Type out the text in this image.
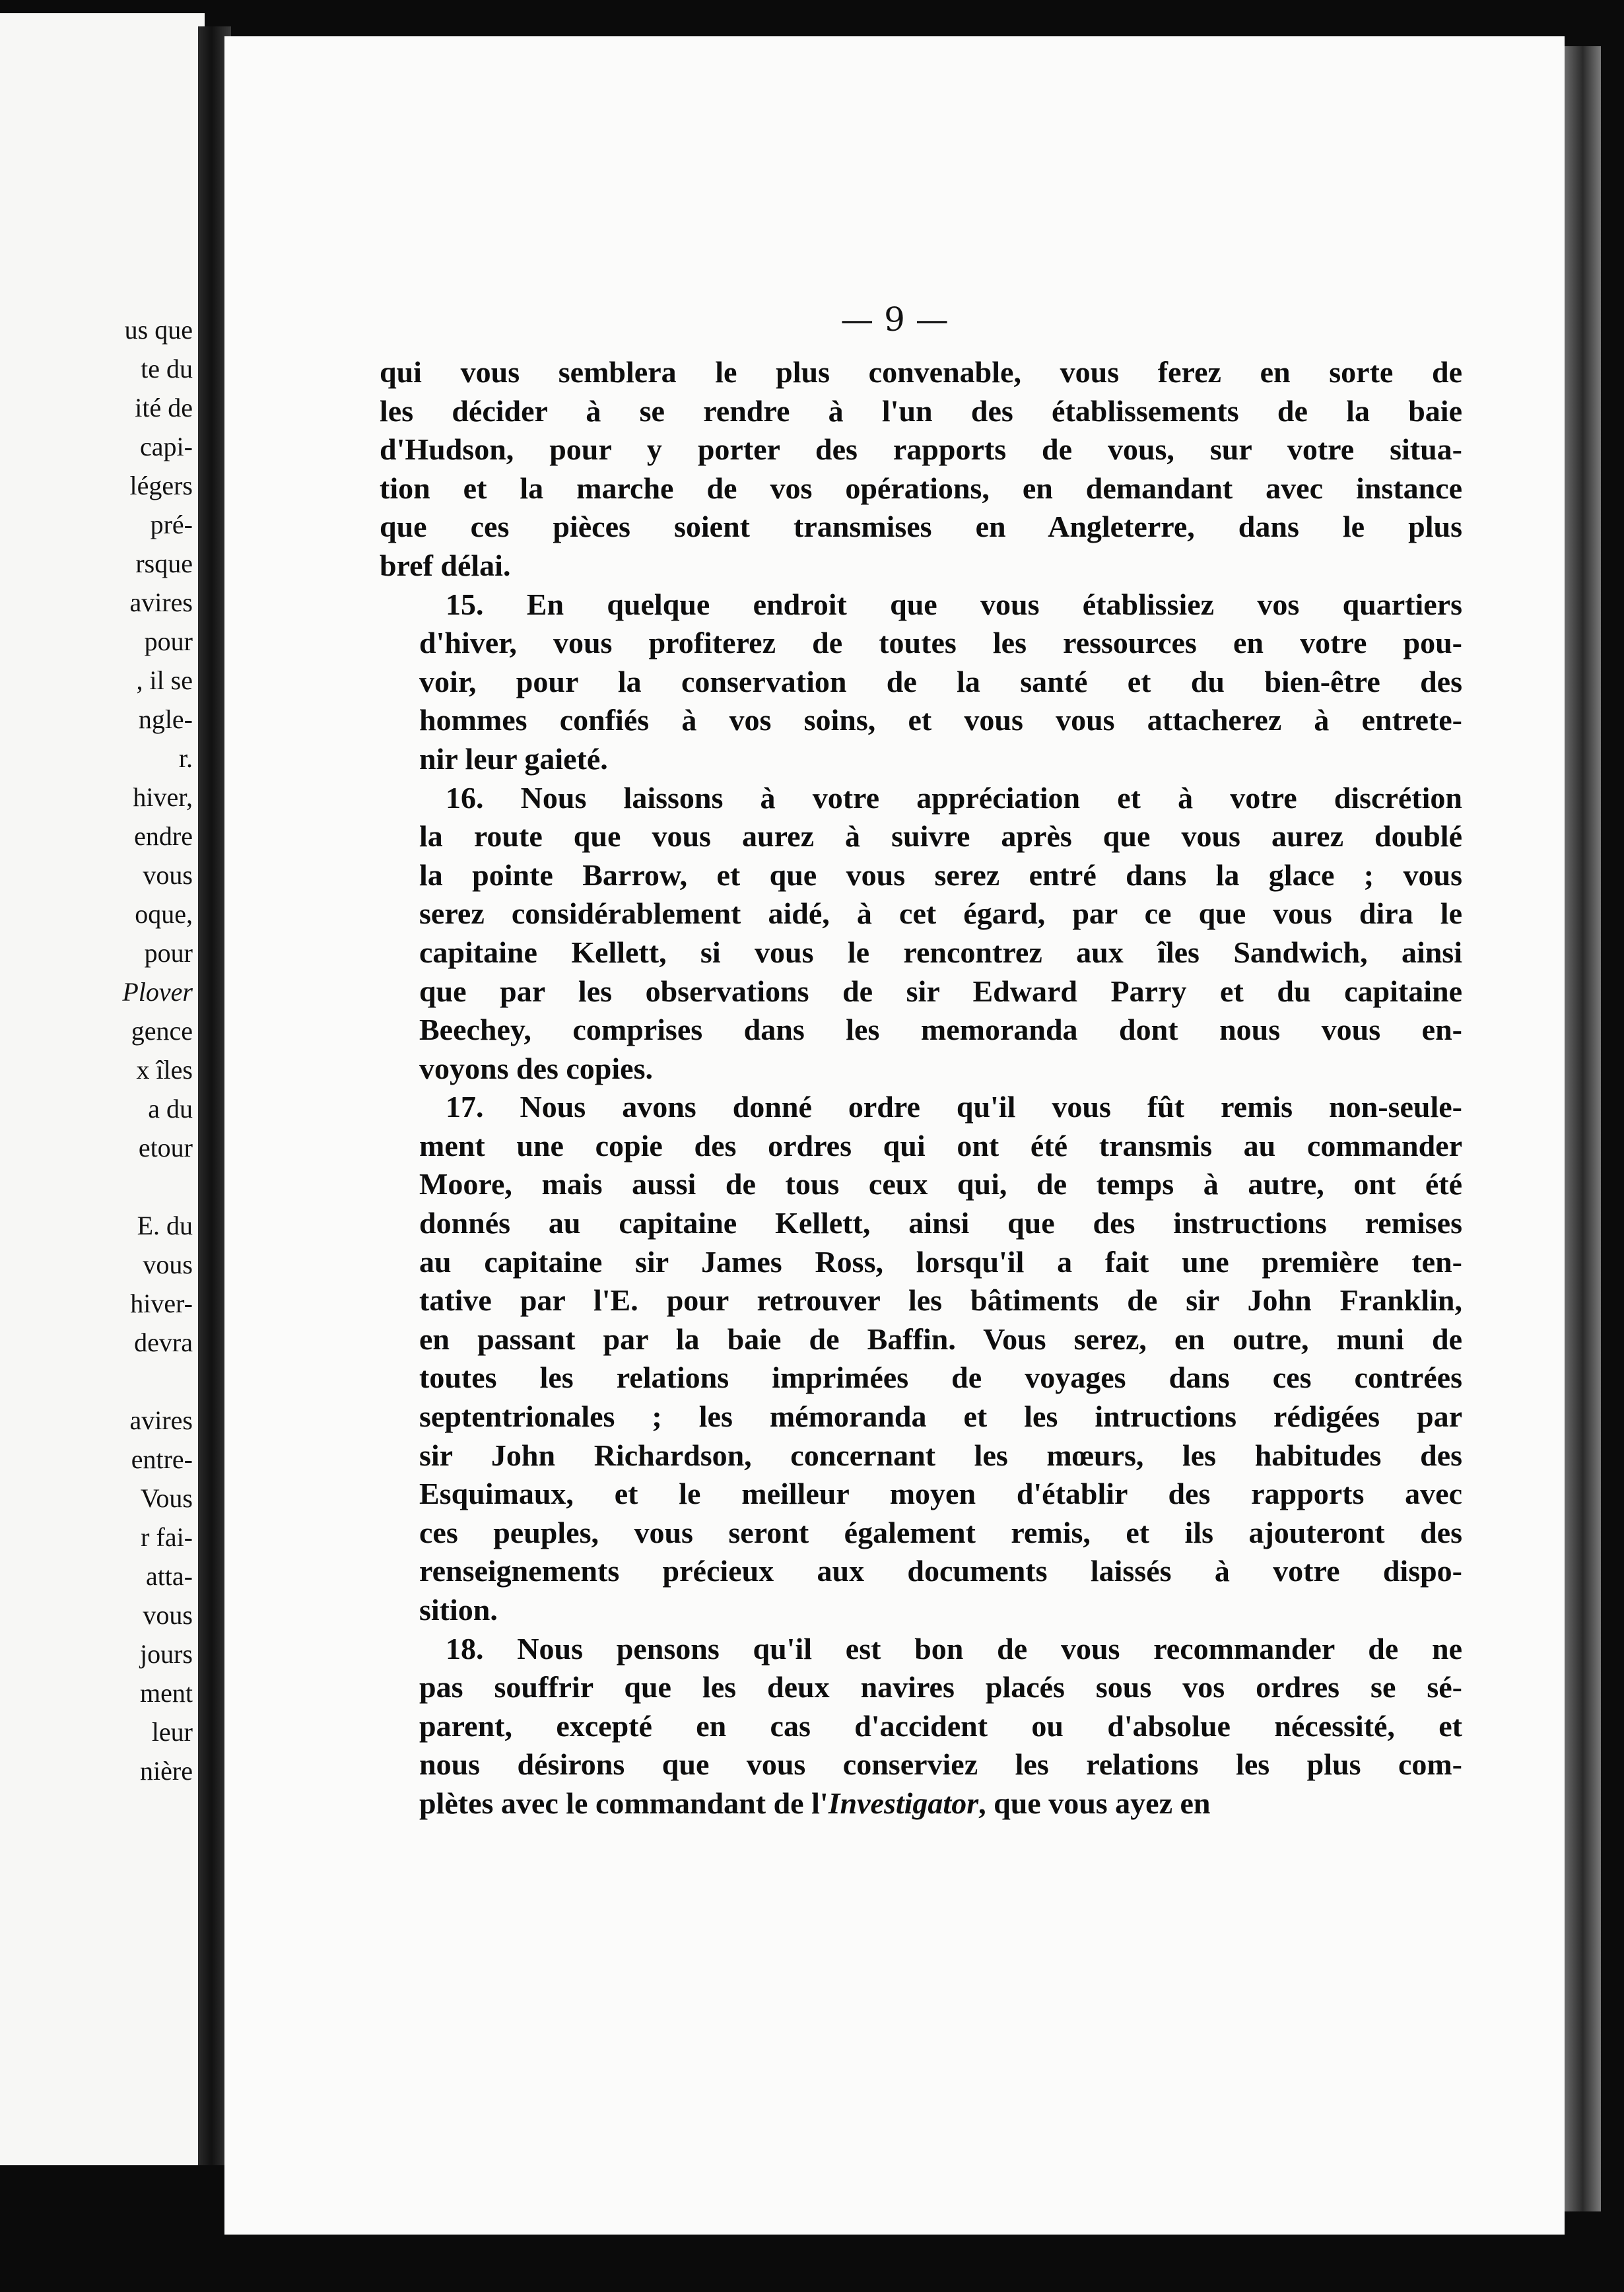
us que
te du
ité de
capi-
légers
pré-
rsque
avires
pour
, il se
ngle-
r.
hiver,
endre
vous
oque,
pour
Plover
gence
x îles
a du
etour
E. du
vous
hiver-
devra
avires
entre-
Vous
r fai-
atta-
vous
jours
ment
leur
nière
— 9 —
qui vous semblera le plus convenable, vous ferez en sorte de
les décider à se rendre à l'un des établissements de la baie
d'Hudson, pour y porter des rapports de vous, sur votre situa-
tion et la marche de vos opérations, en demandant avec instance
que ces pièces soient transmises en Angleterre, dans le plus
bref délai.
15. En quelque endroit que vous établissiez vos quartiers
d'hiver, vous profiterez de toutes les ressources en votre pou-
voir, pour la conservation de la santé et du bien-être des
hommes confiés à vos soins, et vous vous attacherez à entrete-
nir leur gaieté.
16. Nous laissons à votre appréciation et à votre discrétion
la route que vous aurez à suivre après que vous aurez doublé
la pointe Barrow, et que vous serez entré dans la glace ; vous
serez considérablement aidé, à cet égard, par ce que vous dira le
capitaine Kellett, si vous le rencontrez aux îles Sandwich, ainsi
que par les observations de sir Edward Parry et du capitaine
Beechey, comprises dans les memoranda dont nous vous en-
voyons des copies.
17. Nous avons donné ordre qu'il vous fût remis non-seule-
ment une copie des ordres qui ont été transmis au commander
Moore, mais aussi de tous ceux qui, de temps à autre, ont été
donnés au capitaine Kellett, ainsi que des instructions remises
au capitaine sir James Ross, lorsqu'il a fait une première ten-
tative par l'E. pour retrouver les bâtiments de sir John Franklin,
en passant par la baie de Baffin. Vous serez, en outre, muni de
toutes les relations imprimées de voyages dans ces contrées
septentrionales ; les mémoranda et les intructions rédigées par
sir John Richardson, concernant les mœurs, les habitudes des
Esquimaux, et le meilleur moyen d'établir des rapports avec
ces peuples, vous seront également remis, et ils ajouteront des
renseignements précieux aux documents laissés à votre dispo-
sition.
18. Nous pensons qu'il est bon de vous recommander de ne
pas souffrir que les deux navires placés sous vos ordres se sé-
parent, excepté en cas d'accident ou d'absolue nécessité, et
nous désirons que vous conserviez les relations les plus com-
plètes avec le commandant de l'Investigator, que vous ayez en
